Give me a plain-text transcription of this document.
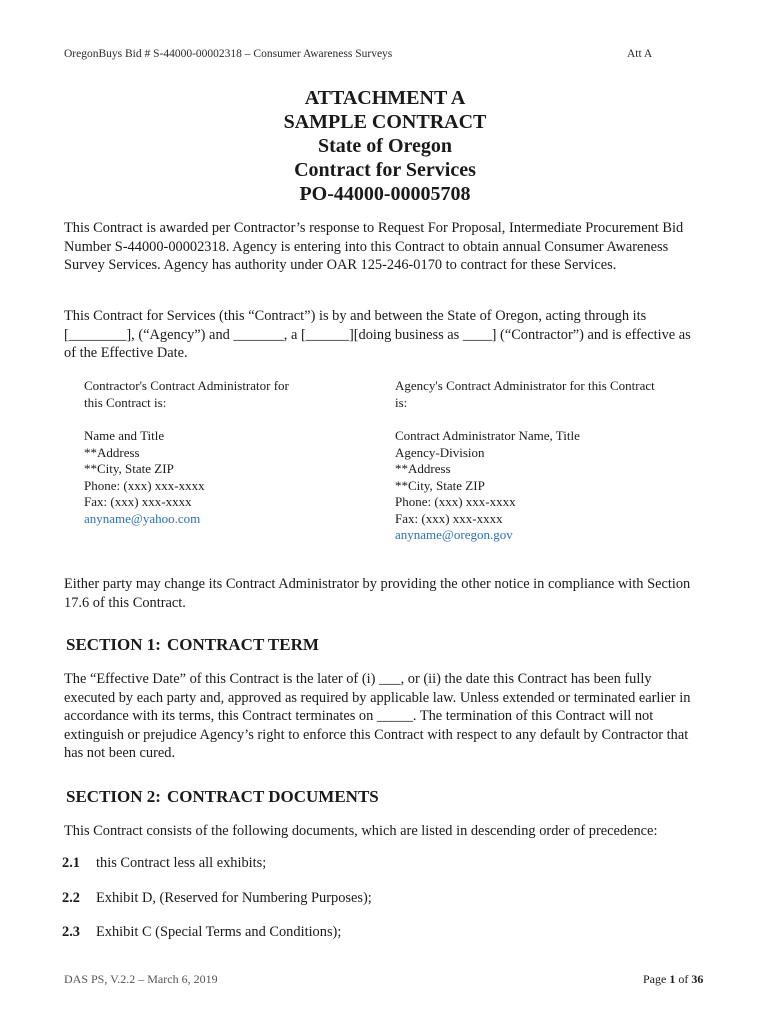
OregonBuys Bid # S-44000-00002318 – Consumer Awareness Surveys	Att A
ATTACHMENT A
SAMPLE CONTRACT
State of Oregon
Contract for Services
PO-44000-00005708
This Contract is awarded per Contractor’s response to Request For Proposal, Intermediate Procurement Bid Number S-44000-00002318. Agency is entering into this Contract to obtain annual Consumer Awareness Survey Services. Agency has authority under OAR 125-246-0170 to contract for these Services.
This Contract for Services (this “Contract”) is by and between the State of Oregon, acting through its [________], (“Agency”) and _______, a [______][doing business as ____] (“Contractor”) and is effective as of the Effective Date.
Contractor's Contract Administrator for
this Contract is:
Name and Title
**Address
**City, State ZIP
Phone: (xxx) xxx-xxxx
Fax: (xxx) xxx-xxxx
anyname@yahoo.com
Agency's Contract Administrator for this Contract
is:
Contract Administrator Name, Title
Agency-Division
**Address
**City, State ZIP
Phone: (xxx) xxx-xxxx
Fax: (xxx) xxx-xxxx
anyname@oregon.gov
Either party may change its Contract Administrator by providing the other notice in compliance with Section 17.6 of this Contract.
SECTION 1: CONTRACT TERM
The “Effective Date” of this Contract is the later of (i) ___, or (ii) the date this Contract has been fully executed by each party and, approved as required by applicable law. Unless extended or terminated earlier in accordance with its terms, this Contract terminates on _____. The termination of this Contract will not extinguish or prejudice Agency’s right to enforce this Contract with respect to any default by Contractor that has not been cured.
SECTION 2: CONTRACT DOCUMENTS
This Contract consists of the following documents, which are listed in descending order of precedence:
2.1 this Contract less all exhibits;
2.2 Exhibit D, (Reserved for Numbering Purposes);
2.3 Exhibit C (Special Terms and Conditions);
DAS PS, V.2.2 – March 6, 2019	Page 1 of 36
